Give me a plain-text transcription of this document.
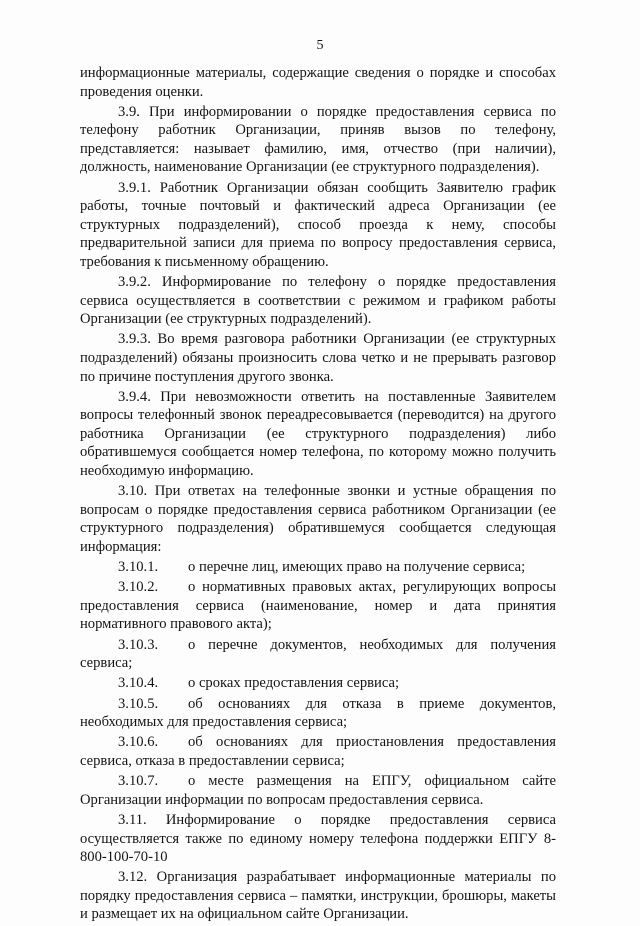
5

информационные материалы, содержащие сведения о порядке и способах проведения оценки.

3.9. При информировании о порядке предоставления сервиса по телефону работник Организации, приняв вызов по телефону, представляется: называет фамилию, имя, отчество (при наличии), должность, наименование Организации (ее структурного подразделения).

3.9.1. Работник Организации обязан сообщить Заявителю график работы, точные почтовый и фактический адреса Организации (ее структурных подразделений), способ проезда к нему, способы предварительной записи для приема по вопросу предоставления сервиса, требования к письменному обращению.

3.9.2. Информирование по телефону о порядке предоставления сервиса осуществляется в соответствии с режимом и графиком работы Организации (ее структурных подразделений).

3.9.3. Во время разговора работники Организации (ее структурных подразделений) обязаны произносить слова четко и не прерывать разговор по причине поступления другого звонка.

3.9.4. При невозможности ответить на поставленные Заявителем вопросы телефонный звонок переадресовывается (переводится) на другого работника Организации (ее структурного подразделения) либо обратившемуся сообщается номер телефона, по которому можно получить необходимую информацию.

3.10. При ответах на телефонные звонки и устные обращения по вопросам о порядке предоставления сервиса работником Организации (ее структурного подразделения) обратившемуся сообщается следующая информация:

3.10.1. о перечне лиц, имеющих право на получение сервиса;
3.10.2. о нормативных правовых актах, регулирующих вопросы предоставления сервиса (наименование, номер и дата принятия нормативного правового акта);
3.10.3. о перечне документов, необходимых для получения сервиса;
3.10.4. о сроках предоставления сервиса;
3.10.5. об основаниях для отказа в приеме документов, необходимых для предоставления сервиса;
3.10.6. об основаниях для приостановления предоставления сервиса, отказа в предоставлении сервиса;
3.10.7. о месте размещения на ЕПГУ, официальном сайте Организации информации по вопросам предоставления сервиса.

3.11. Информирование о порядке предоставления сервиса осуществляется также по единому номеру телефона поддержки ЕПГУ 8-800-100-70-10

3.12. Организация разрабатывает информационные материалы по порядку предоставления сервиса – памятки, инструкции, брошюры, макеты и размещает их на официальном сайте Организации.
